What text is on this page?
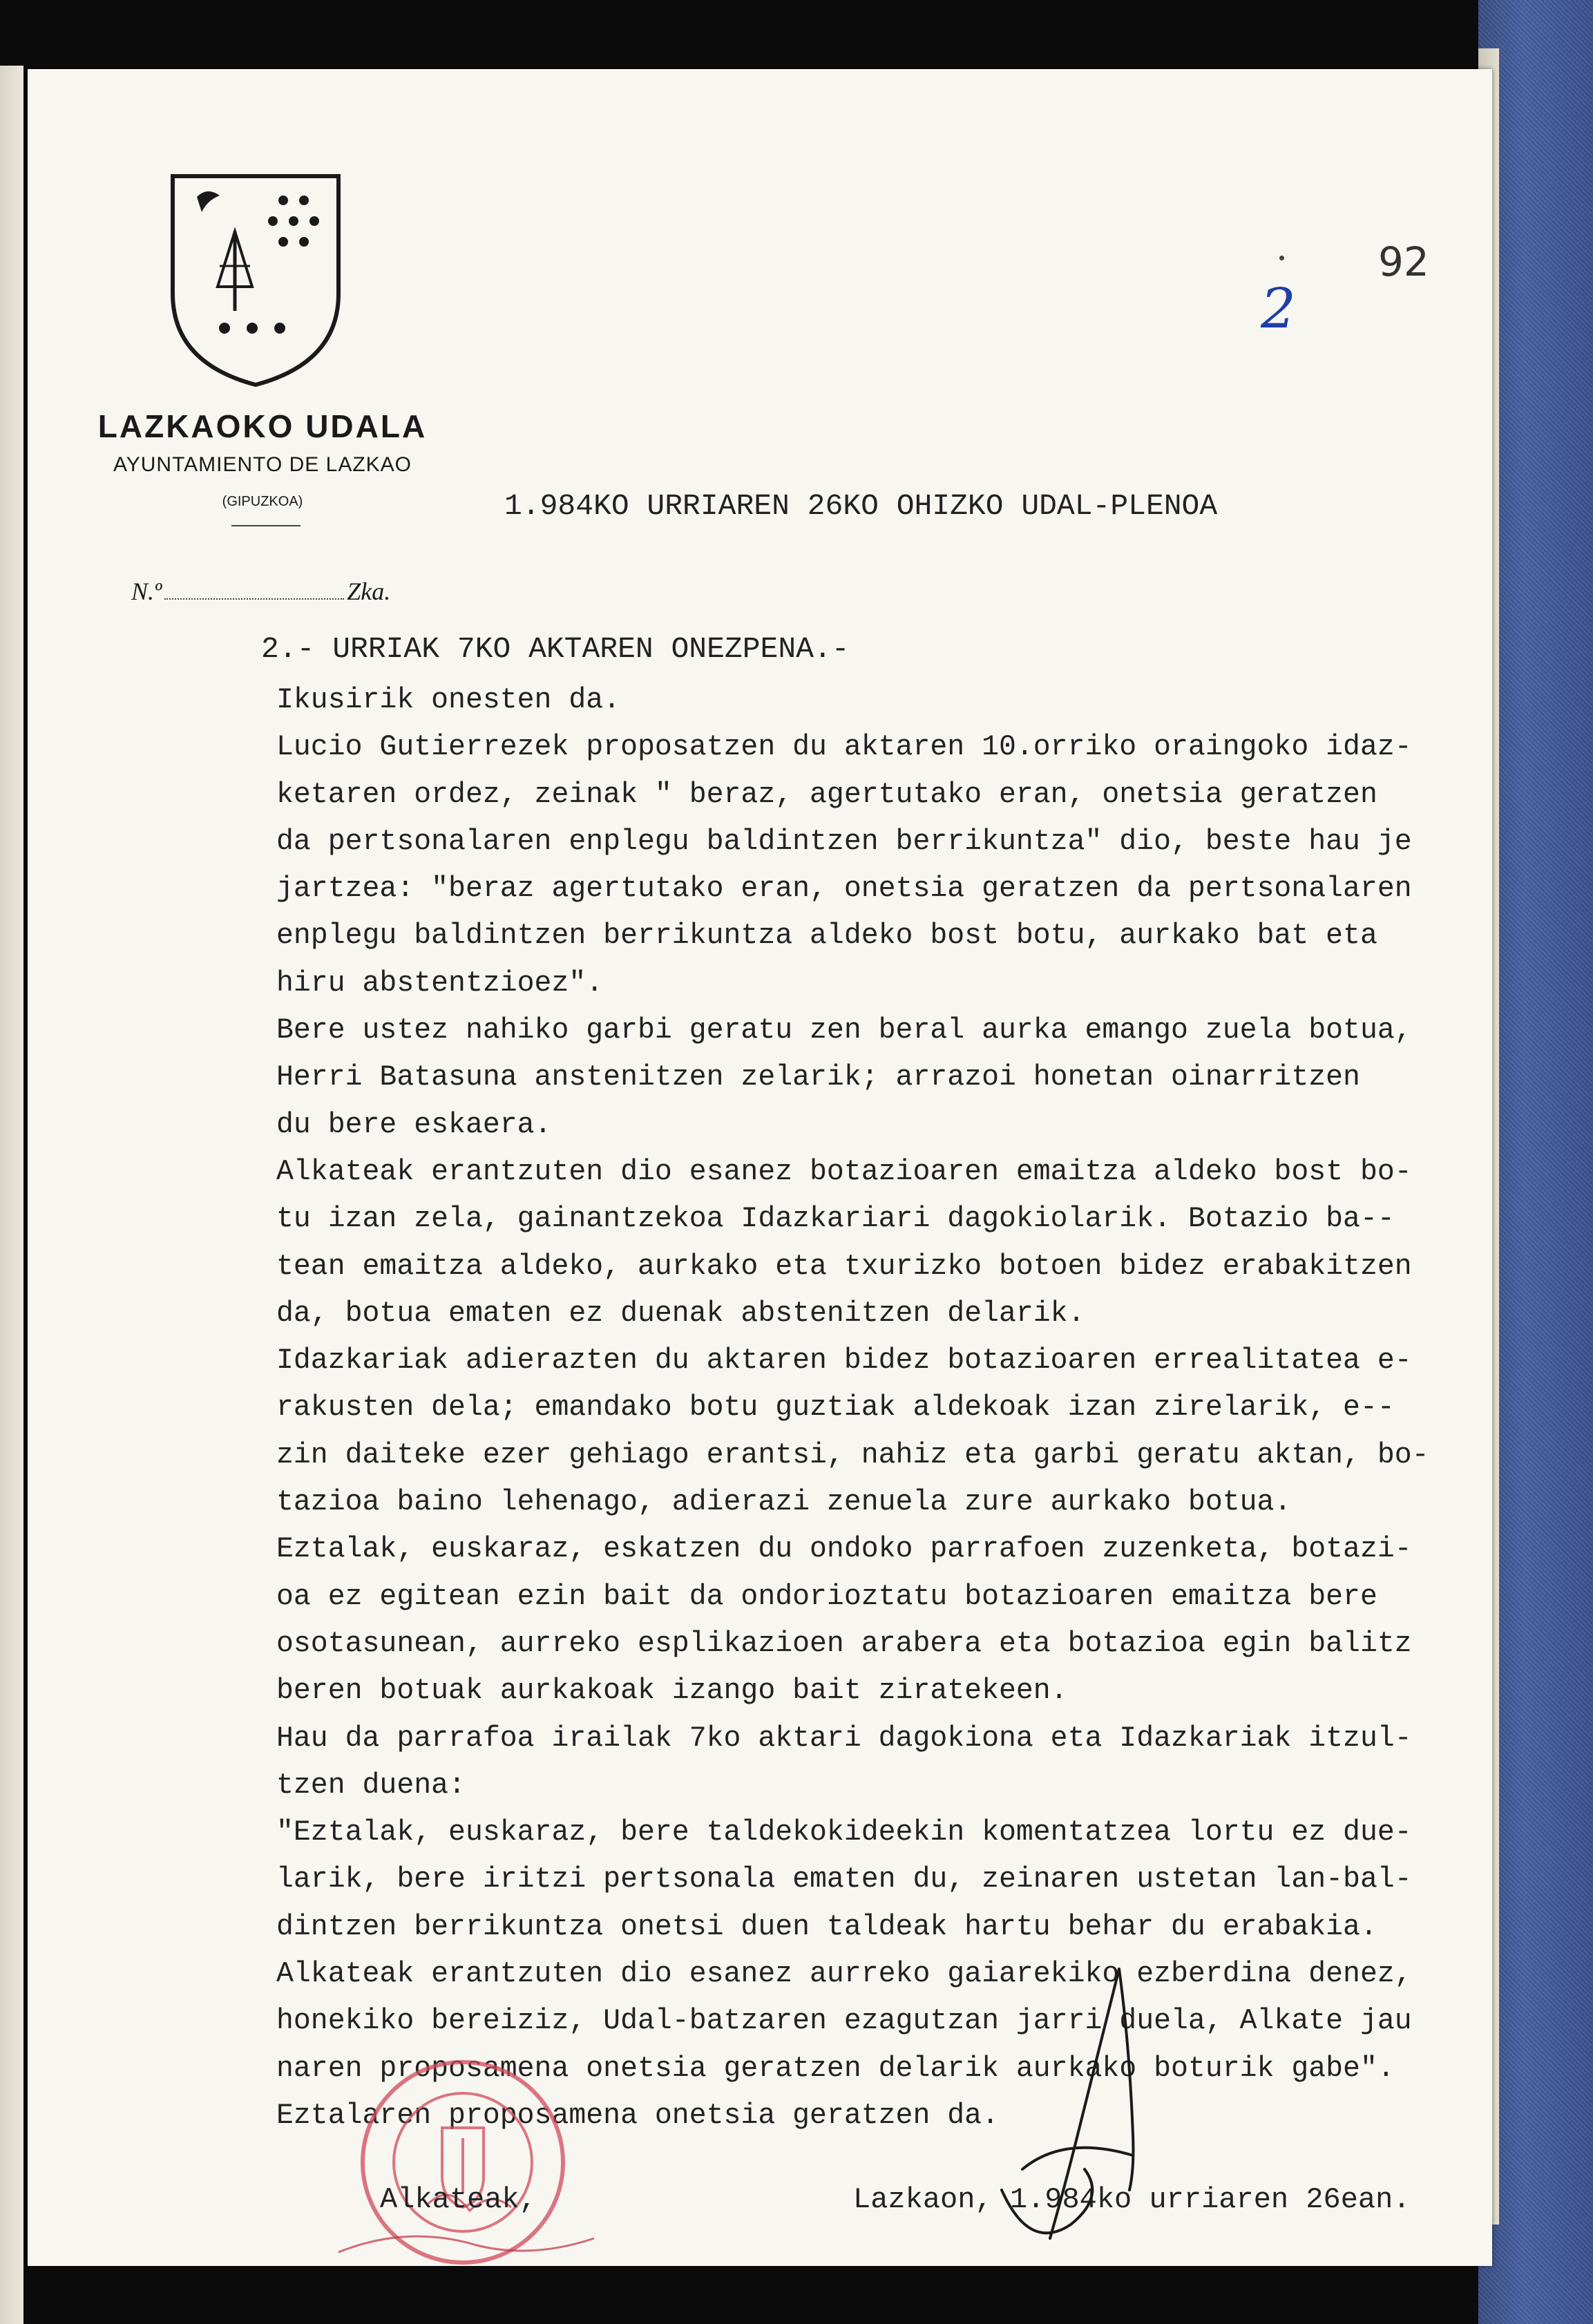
LAZKAOKO UDALA
AYUNTAMIENTO DE LAZKAO
(GIPUZKOA)
N.º	Zka.
92
2
1.984KO URRIAREN 26KO OHIZKO UDAL-PLENOA
2.- URRIAK 7KO AKTAREN ONEZPENA.-
Ikusirik onesten da.
Lucio Gutierrezek proposatzen du aktaren 10.orriko oraingoko idaz-
ketaren ordez, zeinak " beraz, agertutako eran, onetsia geratzen
da pertsonalaren enplegu baldintzen berrikuntza" dio, beste hau je
jartzea: "beraz agertutako eran, onetsia geratzen da pertsonalaren
enplegu baldintzen berrikuntza aldeko bost botu, aurkako bat eta
hiru abstentzioez".
Bere ustez nahiko garbi geratu zen beral aurka emango zuela botua,
Herri Batasuna anstenitzen zelarik; arrazoi honetan oinarritzen
du bere eskaera.
Alkateak erantzuten dio esanez botazioaren emaitza aldeko bost bo-
tu izan zela, gainantzekoa Idazkariari dagokiolarik. Botazio ba--
tean emaitza aldeko, aurkako eta txurizko botoen bidez erabakitzen
da, botua ematen ez duenak abstenitzen delarik.
Idazkariak adierazten du aktaren bidez botazioaren errealitatea e-
rakusten dela; emandako botu guztiak aldekoak izan zirelarik, e--
zin daiteke ezer gehiago erantsi, nahiz eta garbi geratu aktan, bo-
tazioa baino lehenago, adierazi zenuela zure aurkako botua.
Eztalak, euskaraz, eskatzen du ondoko parrafoen zuzenketa, botazi-
oa ez egitean ezin bait da ondorioztatu botazioaren emaitza bere
osotasunean, aurreko esplikazioen arabera eta botazioa egin balitz
beren botuak aurkakoak izango bait ziratekeen.
Hau da parrafoa irailak 7ko aktari dagokiona eta Idazkariak itzul-
tzen duena:
"Eztalak, euskaraz, bere taldekokideekin komentatzea lortu ez due-
larik, bere iritzi pertsonala ematen du, zeinaren ustetan lan-bal-
dintzen berrikuntza onetsi duen taldeak hartu behar du erabakia.
Alkateak erantzuten dio esanez aurreko gaiarekiko ezberdina denez,
honekiko bereiziz, Udal-batzaren ezagutzan jarri duela, Alkate jau
naren proposamena onetsia geratzen delarik aurkako boturik gabe".
Eztalaren proposamena onetsia geratzen da.
Alkateak,	Lazkaon, 1.984ko urriaren 26ean.
